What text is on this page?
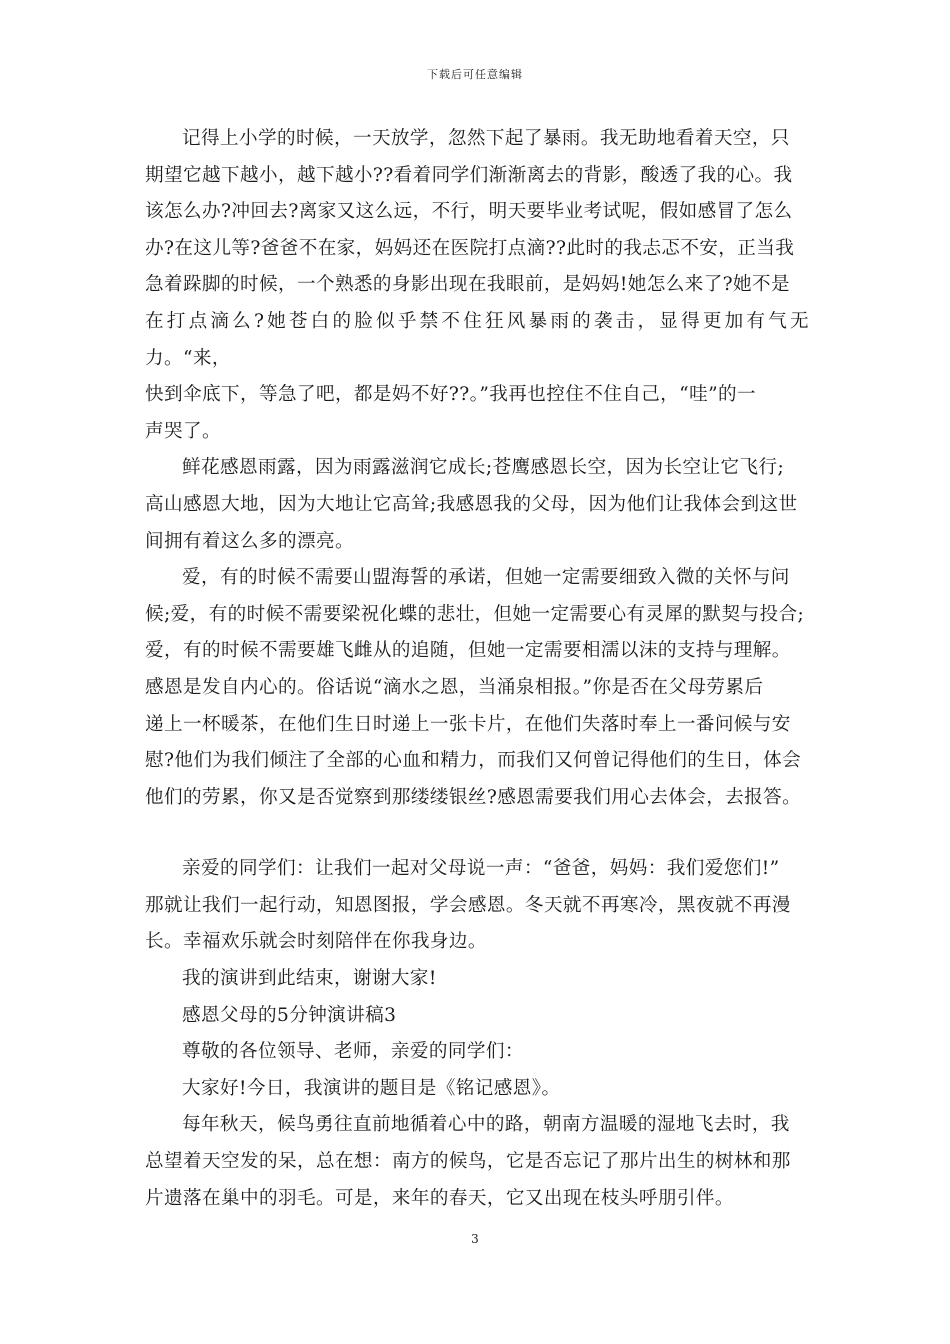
下载后可任意编辑

记得上小学的时候，一天放学，忽然下起了暴雨。我无助地看着天空，只
期望它越下越小，越下越小??看着同学们渐渐离去的背影，酸透了我的心。我
该怎么办?冲回去?离家又这么远，不行，明天要毕业考试呢，假如感冒了怎么
办?在这儿等?爸爸不在家，妈妈还在医院打点滴??此时的我忐忑不安，正当我
急着跺脚的时候，一个熟悉的身影出现在我眼前，是妈妈!她怎么来了?她不是
在打点滴么?她苍白的脸似乎禁不住狂风暴雨的袭击，显得更加有气无力。“来，
快到伞底下，等急了吧，都是妈不好??。”我再也控住不住自己，“哇”的一
声哭了。

鲜花感恩雨露，因为雨露滋润它成长;苍鹰感恩长空，因为长空让它飞行;
高山感恩大地，因为大地让它高耸;我感恩我的父母，因为他们让我体会到这世
间拥有着这么多的漂亮。

爱，有的时候不需要山盟海誓的承诺，但她一定需要细致入微的关怀与问
候;爱，有的时候不需要梁祝化蝶的悲壮，但她一定需要心有灵犀的默契与投合;
爱，有的时候不需要雄飞雌从的追随，但她一定需要相濡以沫的支持与理解。
感恩是发自内心的。俗话说“滴水之恩，当涌泉相报。”你是否在父母劳累后
递上一杯暖茶，在他们生日时递上一张卡片，在他们失落时奉上一番问候与安
慰?他们为我们倾注了全部的心血和精力，而我们又何曾记得他们的生日，体会
他们的劳累，你又是否觉察到那缕缕银丝?感恩需要我们用心去体会，去报答。

亲爱的同学们：让我们一起对父母说一声：“爸爸，妈妈：我们爱您们!”
那就让我们一起行动，知恩图报，学会感恩。冬天就不再寒冷，黑夜就不再漫
长。幸福欢乐就会时刻陪伴在你我身边。

我的演讲到此结束，谢谢大家!

感恩父母的5分钟演讲稿3

尊敬的各位领导、老师，亲爱的同学们：

大家好!今日，我演讲的题目是《铭记感恩》。

每年秋天，候鸟勇往直前地循着心中的路，朝南方温暖的湿地飞去时，我
总望着天空发的呆，总在想：南方的候鸟，它是否忘记了那片出生的树林和那
片遗落在巢中的羽毛。可是，来年的春天，它又出现在枝头呼朋引伴。

3
